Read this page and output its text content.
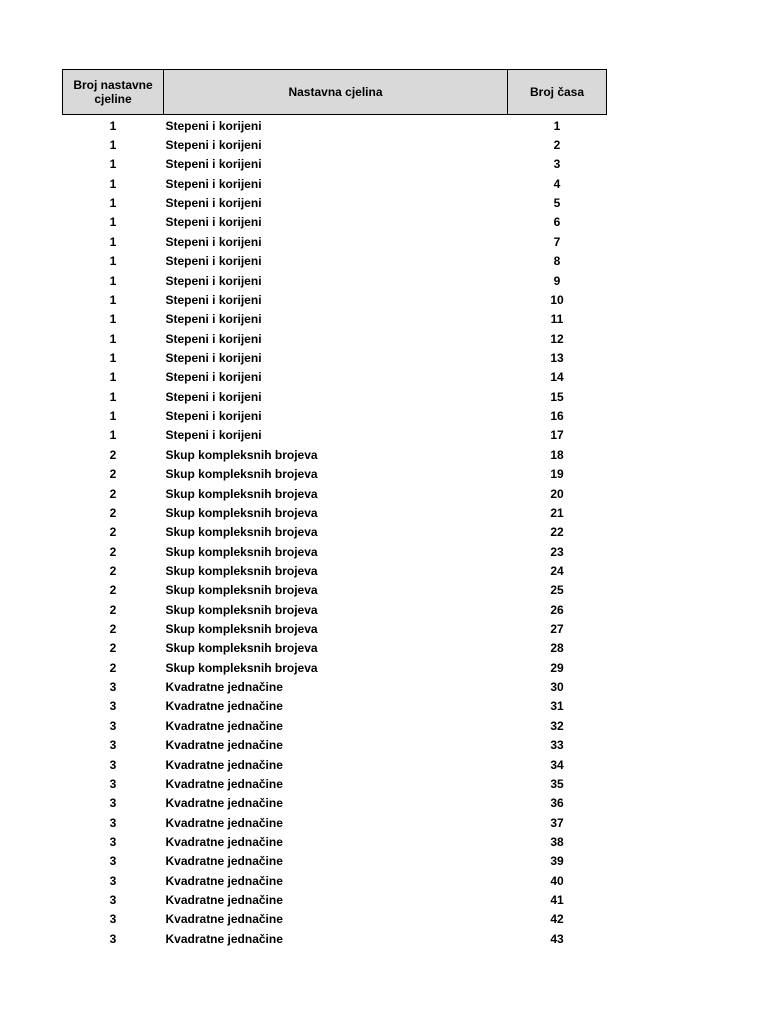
Broj nastavne cjeline	Nastavna cjelina	Broj časa
1	Stepeni i korijeni	1
1	Stepeni i korijeni	2
1	Stepeni i korijeni	3
1	Stepeni i korijeni	4
1	Stepeni i korijeni	5
1	Stepeni i korijeni	6
1	Stepeni i korijeni	7
1	Stepeni i korijeni	8
1	Stepeni i korijeni	9
1	Stepeni i korijeni	10
1	Stepeni i korijeni	11
1	Stepeni i korijeni	12
1	Stepeni i korijeni	13
1	Stepeni i korijeni	14
1	Stepeni i korijeni	15
1	Stepeni i korijeni	16
1	Stepeni i korijeni	17
2	Skup kompleksnih brojeva	18
2	Skup kompleksnih brojeva	19
2	Skup kompleksnih brojeva	20
2	Skup kompleksnih brojeva	21
2	Skup kompleksnih brojeva	22
2	Skup kompleksnih brojeva	23
2	Skup kompleksnih brojeva	24
2	Skup kompleksnih brojeva	25
2	Skup kompleksnih brojeva	26
2	Skup kompleksnih brojeva	27
2	Skup kompleksnih brojeva	28
2	Skup kompleksnih brojeva	29
3	Kvadratne jednačine	30
3	Kvadratne jednačine	31
3	Kvadratne jednačine	32
3	Kvadratne jednačine	33
3	Kvadratne jednačine	34
3	Kvadratne jednačine	35
3	Kvadratne jednačine	36
3	Kvadratne jednačine	37
3	Kvadratne jednačine	38
3	Kvadratne jednačine	39
3	Kvadratne jednačine	40
3	Kvadratne jednačine	41
3	Kvadratne jednačine	42
3	Kvadratne jednačine	43
